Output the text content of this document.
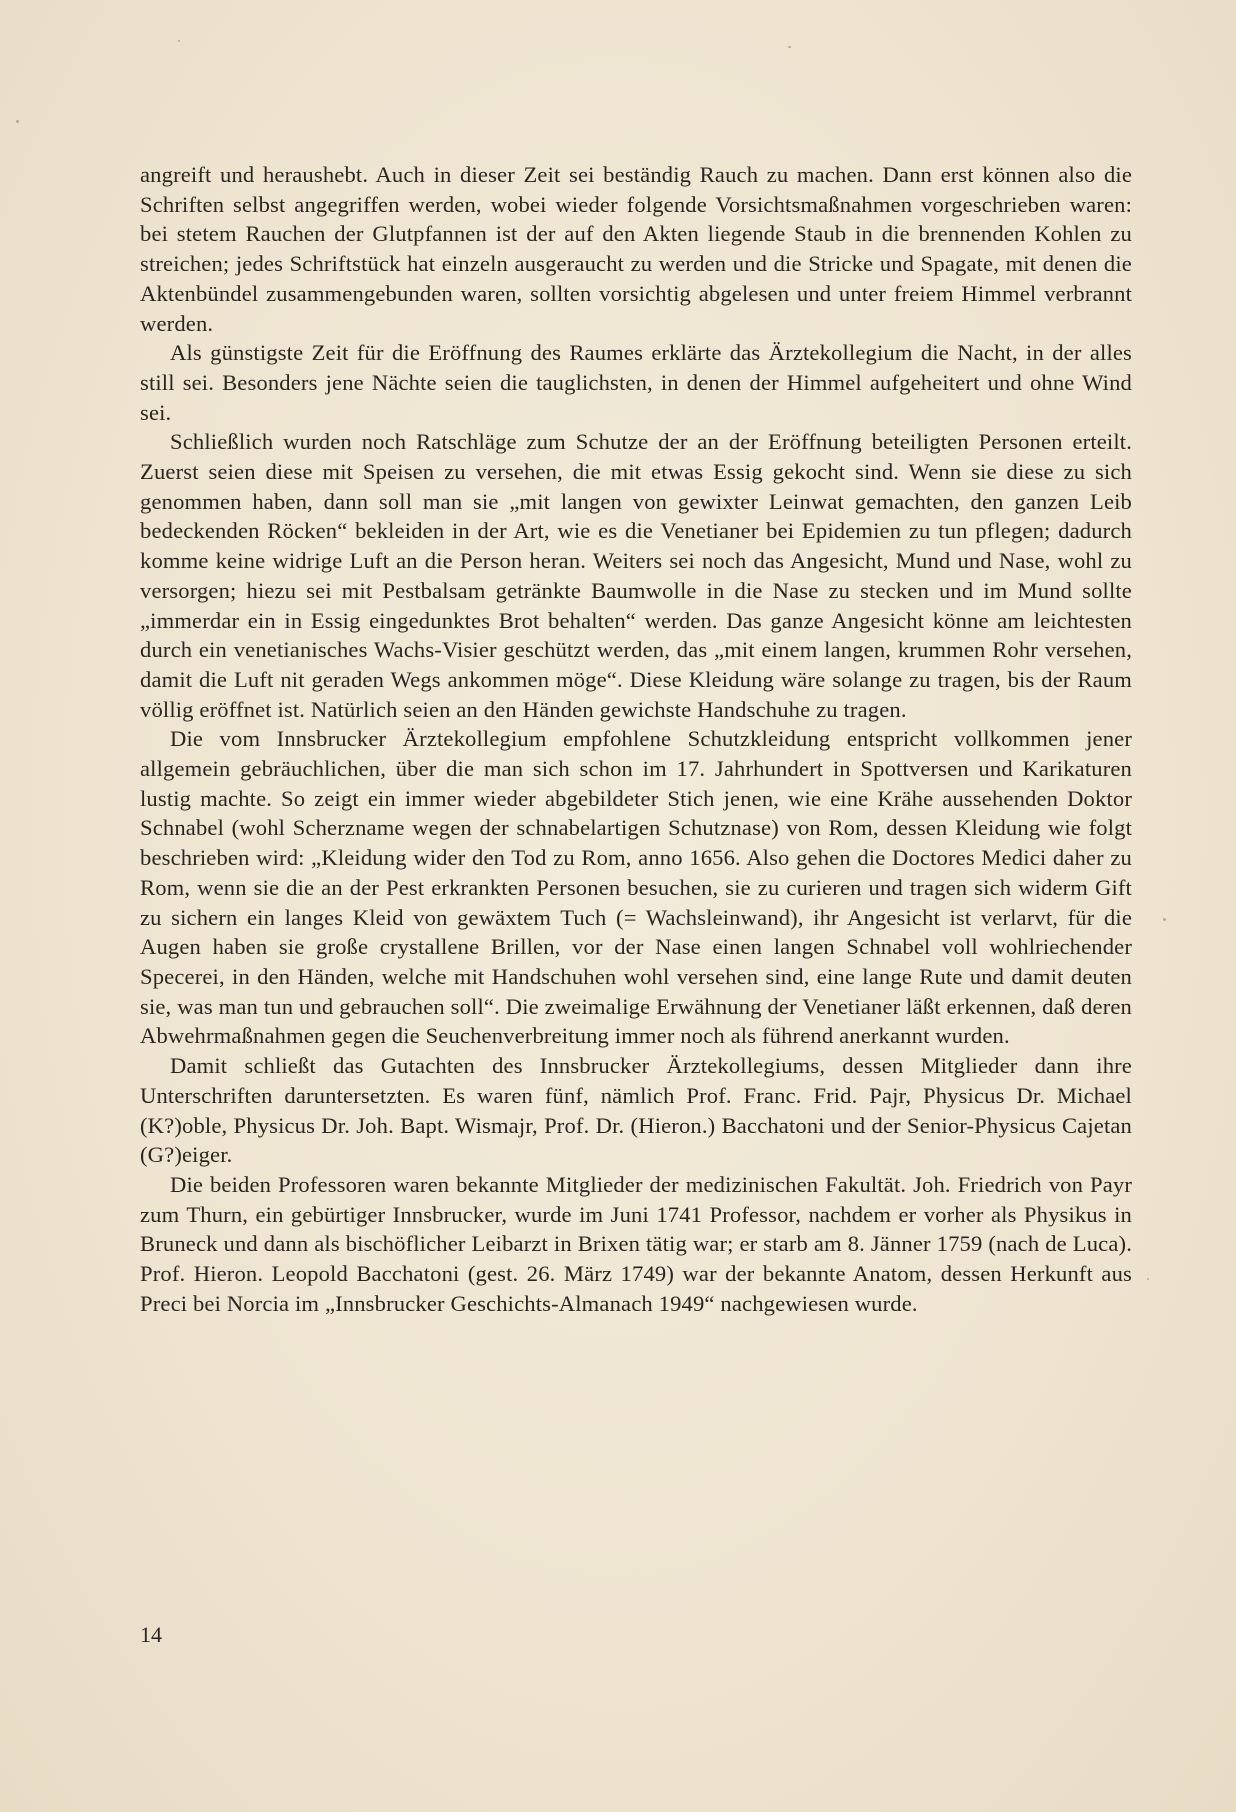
angreift und heraushebt. Auch in dieser Zeit sei beständig Rauch zu machen. Dann erst können also die Schriften selbst angegriffen werden, wobei wieder folgende Vorsichtsmaßnahmen vorgeschrieben waren: bei stetem Rauchen der Glutpfannen ist der auf den Akten liegende Staub in die brennenden Kohlen zu streichen; jedes Schriftstück hat einzeln ausgeraucht zu werden und die Stricke und Spagate, mit denen die Aktenbündel zusammengebunden waren, sollten vorsichtig abgelesen und unter freiem Himmel verbrannt werden.

Als günstigste Zeit für die Eröffnung des Raumes erklärte das Ärztekollegium die Nacht, in der alles still sei. Besonders jene Nächte seien die tauglichsten, in denen der Himmel aufgeheitert und ohne Wind sei.

Schließlich wurden noch Ratschläge zum Schutze der an der Eröffnung beteiligten Personen erteilt. Zuerst seien diese mit Speisen zu versehen, die mit etwas Essig gekocht sind. Wenn sie diese zu sich genommen haben, dann soll man sie „mit langen von gewixter Leinwat gemachten, den ganzen Leib bedeckenden Röcken“ bekleiden in der Art, wie es die Venetianer bei Epidemien zu tun pflegen; dadurch komme keine widrige Luft an die Person heran. Weiters sei noch das Angesicht, Mund und Nase, wohl zu versorgen; hiezu sei mit Pestbalsam getränkte Baumwolle in die Nase zu stecken und im Mund sollte „immerdar ein in Essig eingedunktes Brot behalten“ werden. Das ganze Angesicht könne am leichtesten durch ein venetianisches Wachs-Visier geschützt werden, das „mit einem langen, krummen Rohr versehen, damit die Luft nit geraden Wegs ankommen möge“. Diese Kleidung wäre solange zu tragen, bis der Raum völlig eröffnet ist. Natürlich seien an den Händen gewichste Handschuhe zu tragen.

Die vom Innsbrucker Ärztekollegium empfohlene Schutzkleidung entspricht vollkommen jener allgemein gebräuchlichen, über die man sich schon im 17. Jahrhundert in Spottversen und Karikaturen lustig machte. So zeigt ein immer wieder abgebildeter Stich jenen, wie eine Krähe aussehenden Doktor Schnabel (wohl Scherzname wegen der schnabelartigen Schutznase) von Rom, dessen Kleidung wie folgt beschrieben wird: „Kleidung wider den Tod zu Rom, anno 1656. Also gehen die Doctores Medici daher zu Rom, wenn sie die an der Pest erkrankten Personen besuchen, sie zu curieren und tragen sich widerm Gift zu sichern ein langes Kleid von gewäxtem Tuch (= Wachsleinwand), ihr Angesicht ist verlarvt, für die Augen haben sie große crystallene Brillen, vor der Nase einen langen Schnabel voll wohlriechender Specerei, in den Händen, welche mit Handschuhen wohl versehen sind, eine lange Rute und damit deuten sie, was man tun und gebrauchen soll“. Die zweimalige Erwähnung der Venetianer läßt erkennen, daß deren Abwehrmaßnahmen gegen die Seuchenverbreitung immer noch als führend anerkannt wurden.

Damit schließt das Gutachten des Innsbrucker Ärztekollegiums, dessen Mitglieder dann ihre Unterschriften daruntersetzten. Es waren fünf, nämlich Prof. Franc. Frid. Pajr, Physicus Dr. Michael (K?)oble, Physicus Dr. Joh. Bapt. Wismajr, Prof. Dr. (Hieron.) Bacchatoni und der Senior-Physicus Cajetan (G?)eiger.

Die beiden Professoren waren bekannte Mitglieder der medizinischen Fakultät. Joh. Friedrich von Payr zum Thurn, ein gebürtiger Innsbrucker, wurde im Juni 1741 Professor, nachdem er vorher als Physikus in Bruneck und dann als bischöflicher Leibarzt in Brixen tätig war; er starb am 8. Jänner 1759 (nach de Luca). Prof. Hieron. Leopold Bacchatoni (gest. 26. März 1749) war der bekannte Anatom, dessen Herkunft aus Preci bei Norcia im „Innsbrucker Geschichts-Almanach 1949“ nachgewiesen wurde.

14
